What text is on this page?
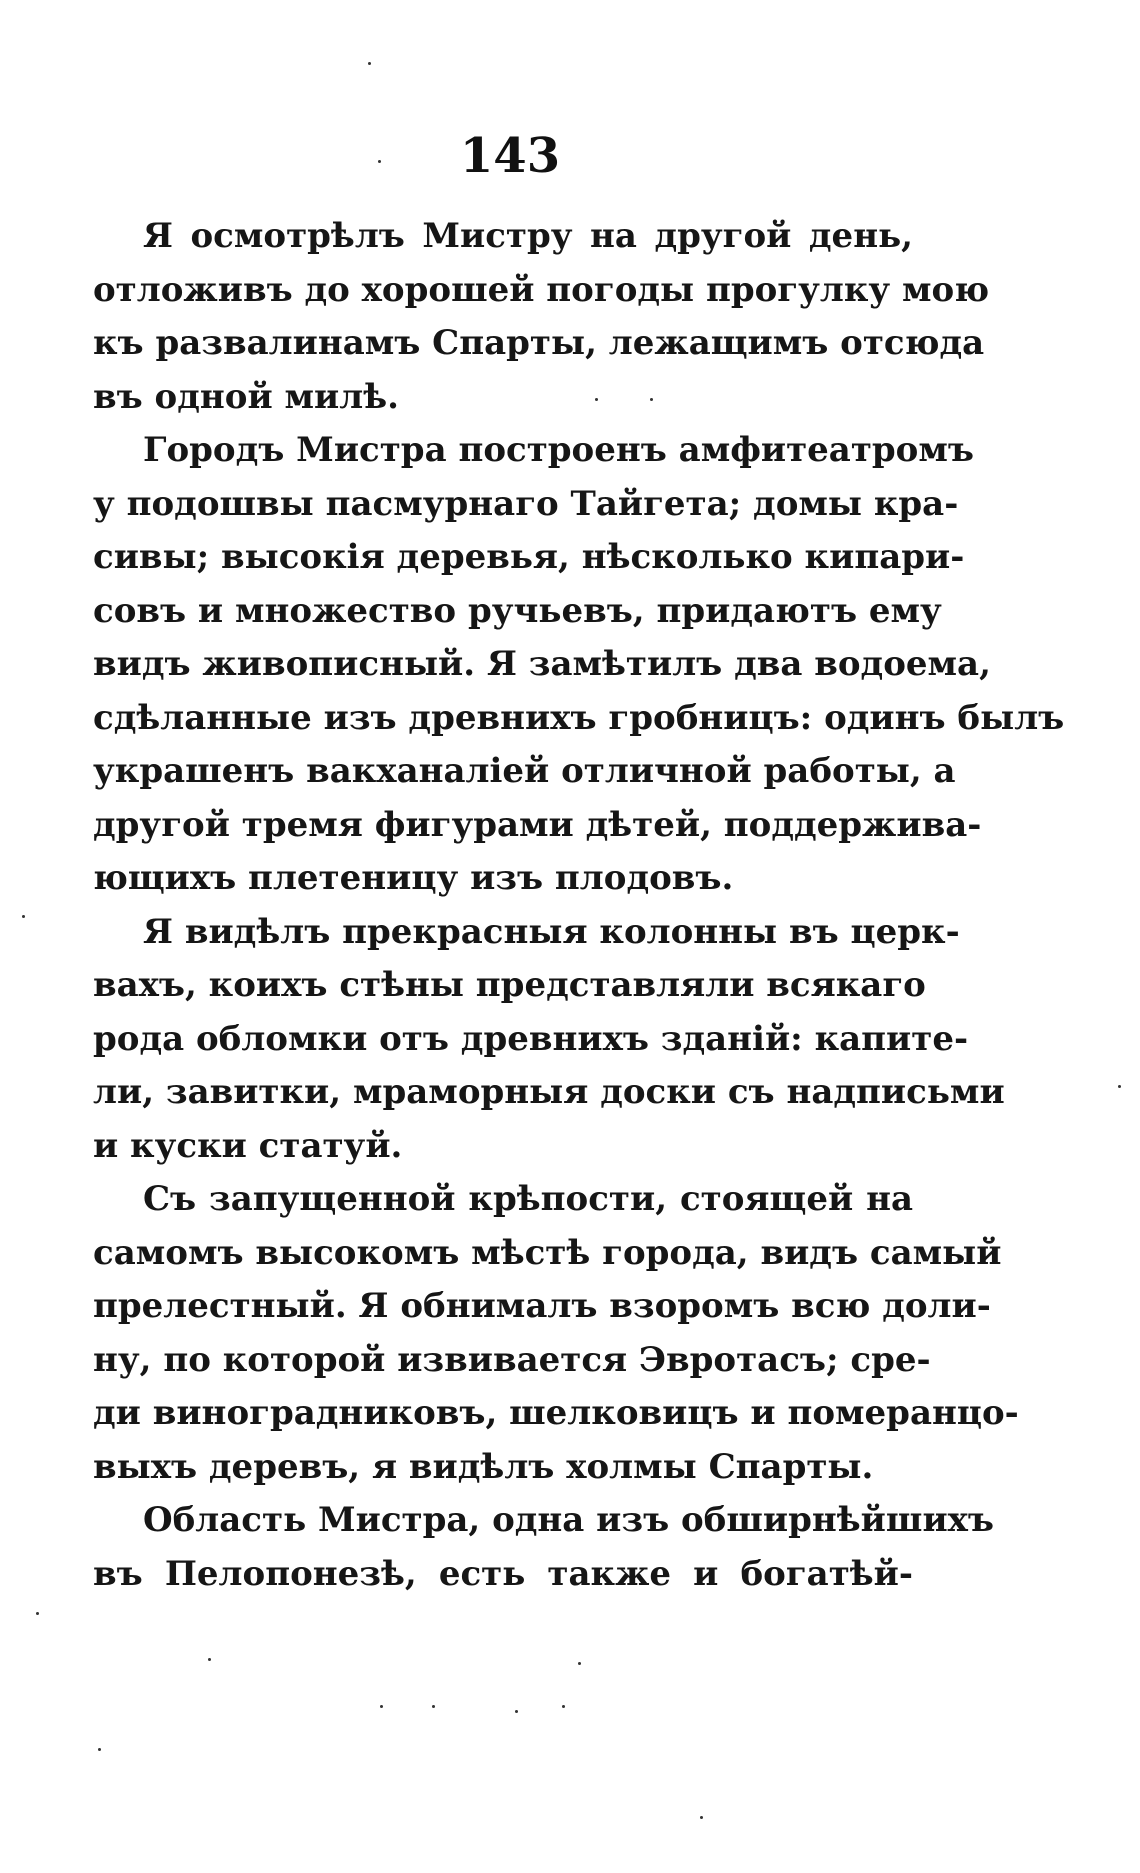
143
Я осмотрѣлъ Мистру на другой день,
отложивъ до хорошей погоды прогулку мою
къ развалинамъ Спарты, лежащимъ отсюда
въ одной милѣ.
Городъ Мистра построенъ амфитеатромъ
у подошвы пасмурнаго Тайгета; домы кра-
сивы; высокія деревья, нѣсколько кипари-
совъ и множество ручьевъ, придаютъ ему
видъ живописный. Я замѣтилъ два водоема,
сдѣланные изъ древнихъ гробницъ: одинъ былъ
украшенъ вакханаліей отличной работы, а
другой тремя фигурами дѣтей, поддержива-
ющихъ плетеницу изъ плодовъ.
Я видѣлъ прекрасныя колонны въ церк-
вахъ, коихъ стѣны представляли всякаго
рода обломки отъ древнихъ зданій: капите-
ли, завитки, мраморныя доски съ надписьми
и куски статуй.
Съ запущенной крѣпости, стоящей на
самомъ высокомъ мѣстѣ города, видъ самый
прелестный. Я обнималъ взоромъ всю доли-
ну, по которой извивается Эвротасъ; сре-
ди виноградниковъ, шелковицъ и померанцо-
выхъ деревъ, я видѣлъ холмы Спарты.
Область Мистра, одна изъ обширнѣйшихъ
въ Пелопонезѣ, есть также и богатѣй-
